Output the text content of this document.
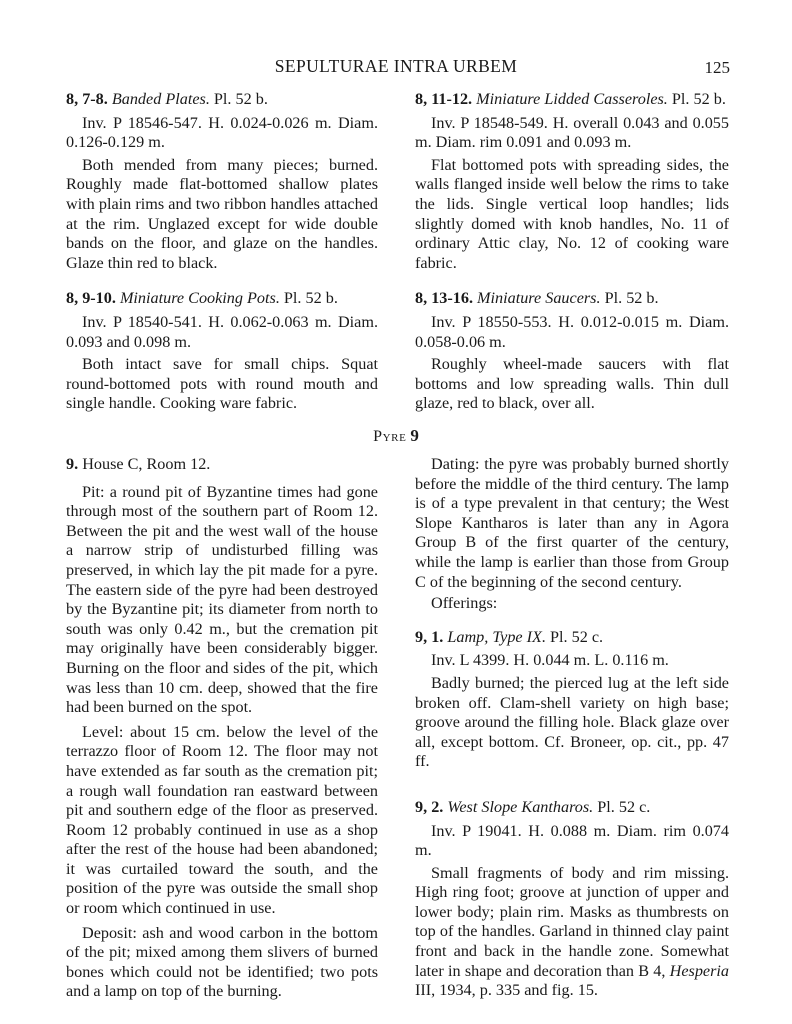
SEPULTURAE INTRA URBEM	125

8, 7-8. Banded Plates. Pl. 52 b.

Inv. P 18546-547. H. 0.024-0.026 m. Diam. 0.126-0.129 m.

Both mended from many pieces; burned. Roughly made flat-bottomed shallow plates with plain rims and two ribbon handles attached at the rim. Unglazed except for wide double bands on the floor, and glaze on the handles. Glaze thin red to black.

8, 9-10. Miniature Cooking Pots. Pl. 52 b.

Inv. P 18540-541. H. 0.062-0.063 m. Diam. 0.093 and 0.098 m.

Both intact save for small chips. Squat round-bottomed pots with round mouth and single handle. Cooking ware fabric.

8, 11-12. Miniature Lidded Casseroles. Pl. 52 b.

Inv. P 18548-549. H. overall 0.043 and 0.055 m. Diam. rim 0.091 and 0.093 m.

Flat bottomed pots with spreading sides, the walls flanged inside well below the rims to take the lids. Single vertical loop handles; lids slightly domed with knob handles, No. 11 of ordinary Attic clay, No. 12 of cooking ware fabric.

8, 13-16. Miniature Saucers. Pl. 52 b.

Inv. P 18550-553. H. 0.012-0.015 m. Diam. 0.058-0.06 m.

Roughly wheel-made saucers with flat bottoms and low spreading walls. Thin dull glaze, red to black, over all.

Pyre 9

9. House C, Room 12.

Pit: a round pit of Byzantine times had gone through most of the southern part of Room 12. Between the pit and the west wall of the house a narrow strip of undisturbed filling was preserved, in which lay the pit made for a pyre. The eastern side of the pyre had been destroyed by the Byzantine pit; its diameter from north to south was only 0.42 m., but the cremation pit may originally have been considerably bigger. Burning on the floor and sides of the pit, which was less than 10 cm. deep, showed that the fire had been burned on the spot.

Level: about 15 cm. below the level of the terrazzo floor of Room 12. The floor may not have extended as far south as the cremation pit; a rough wall foundation ran eastward between pit and southern edge of the floor as preserved. Room 12 probably continued in use as a shop after the rest of the house had been abandoned; it was curtailed toward the south, and the position of the pyre was outside the small shop or room which continued in use.

Deposit: ash and wood carbon in the bottom of the pit; mixed among them slivers of burned bones which could not be identified; two pots and a lamp on top of the burning.

Dating: the pyre was probably burned shortly before the middle of the third century. The lamp is of a type prevalent in that century; the West Slope Kantharos is later than any in Agora Group B of the first quarter of the century, while the lamp is earlier than those from Group C of the beginning of the second century.

Offerings:

9, 1. Lamp, Type IX. Pl. 52 c.

Inv. L 4399. H. 0.044 m. L. 0.116 m.

Badly burned; the pierced lug at the left side broken off. Clam-shell variety on high base; groove around the filling hole. Black glaze over all, except bottom. Cf. Broneer, op. cit., pp. 47 ff.

9, 2. West Slope Kantharos. Pl. 52 c.

Inv. P 19041. H. 0.088 m. Diam. rim 0.074 m.

Small fragments of body and rim missing. High ring foot; groove at junction of upper and lower body; plain rim. Masks as thumbrests on top of the handles. Garland in thinned clay paint front and back in the handle zone. Somewhat later in shape and decoration than B 4, Hesperia III, 1934, p. 335 and fig. 15.
